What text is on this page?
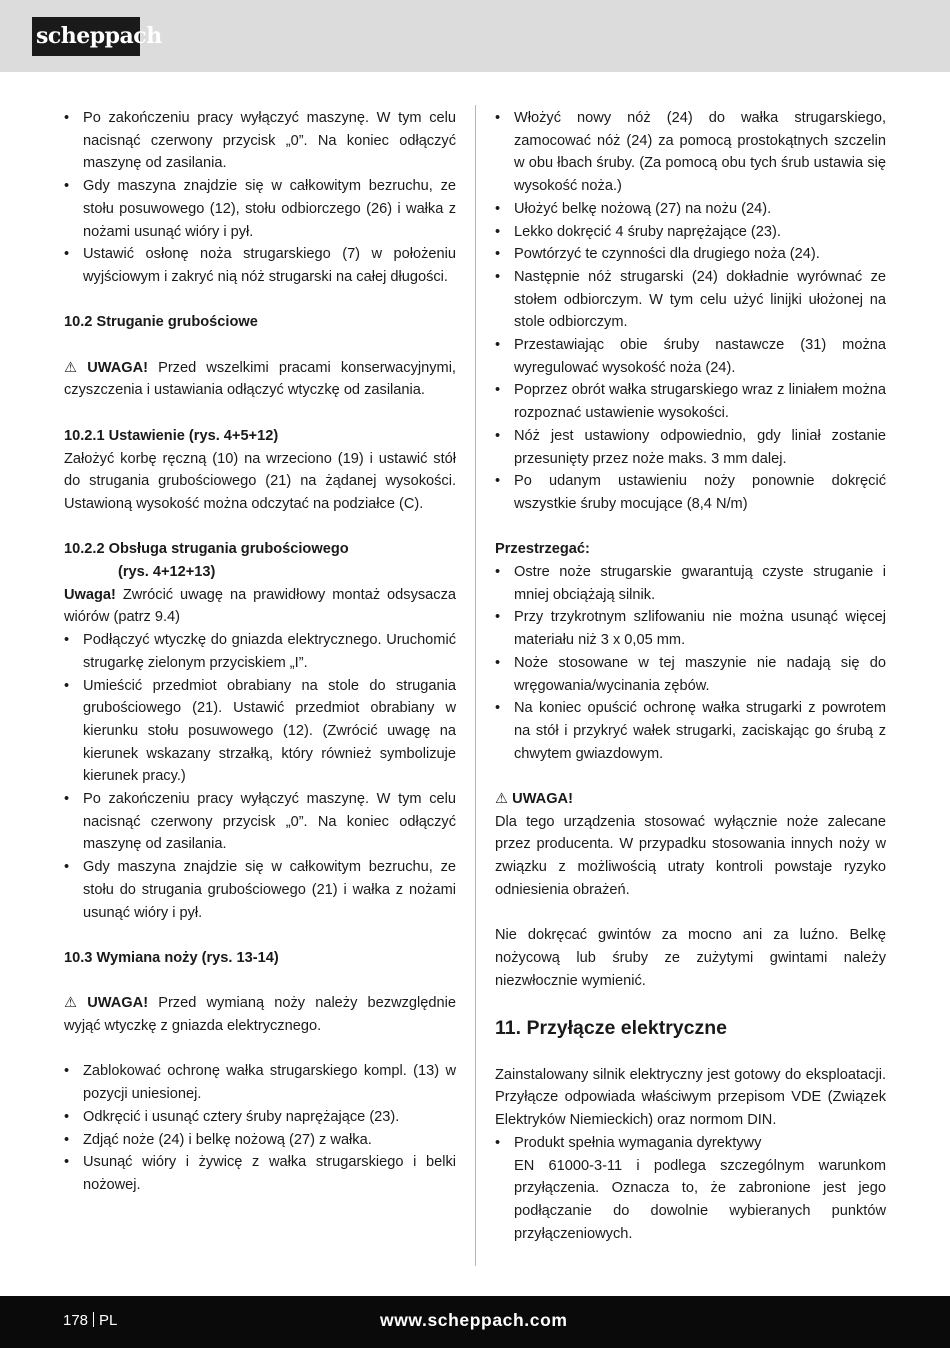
scheppach
• Po zakończeniu pracy wyłączyć maszynę. W tym celu nacisnąć czerwony przycisk „0”. Na koniec odłączyć maszynę od zasilania.
• Gdy maszyna znajdzie się w całkowitym bezruchu, ze stołu posuwowego (12), stołu odbiorczego (26) i wałka z nożami usunąć wióry i pył.
• Ustawić osłonę noża strugarskiego (7) w położeniu wyjściowym i zakryć nią nóż strugarski na całej długości.

10.2 Struganie grubościowe

⚠ UWAGA! Przed wszelkimi pracami konserwacyjnymi, czyszczenia i ustawiania odłączyć wtyczkę od zasilania.

10.2.1 Ustawienie (rys. 4+5+12)

Założyć korbę ręczną (10) na wrzeciono (19) i ustawić stół do strugania grubościowego (21) na żądanej wysokości. Ustawioną wysokość można odczytać na podziałce (C).

10.2.2 Obsługa strugania grubościowego

(rys. 4+12+13)

Uwaga! Zwrócić uwagę na prawidłowy montaż odsysacza wiórów (patrz 9.4)

• Podłączyć wtyczkę do gniazda elektrycznego. Uruchomić strugarkę zielonym przyciskiem „I”.
• Umieścić przedmiot obrabiany na stole do strugania grubościowego (21). Ustawić przedmiot obrabiany w kierunku stołu posuwowego (12). (Zwrócić uwagę na kierunek wskazany strzałką, który również symbolizuje kierunek pracy.)
• Po zakończeniu pracy wyłączyć maszynę. W tym celu nacisnąć czerwony przycisk „0”. Na koniec odłączyć maszynę od zasilania.
• Gdy maszyna znajdzie się w całkowitym bezruchu, ze stołu do strugania grubościowego (21) i wałka z nożami usunąć wióry i pył.

10.3 Wymiana noży (rys. 13-14)

⚠ UWAGA! Przed wymianą noży należy bezwzględnie wyjąć wtyczkę z gniazda elektrycznego.

• Zablokować ochronę wałka strugarskiego kompl. (13) w pozycji uniesionej.
• Odkręcić i usunąć cztery śruby naprężające (23).
• Zdjąć noże (24) i belkę nożową (27) z wałka.
• Usunąć wióry i żywicę z wałka strugarskiego i belki nożowej.
• Włożyć nowy nóż (24) do wałka strugarskiego, zamocować nóż (24) za pomocą prostokątnych szczelin w obu łbach śruby. (Za pomocą obu tych śrub ustawia się wysokość noża.)
• Ułożyć belkę nożową (27) na nożu (24).
• Lekko dokręcić 4 śruby naprężające (23).
• Powtórzyć te czynności dla drugiego noża (24).
• Następnie nóż strugarski (24) dokładnie wyrównać ze stołem odbiorczym. W tym celu użyć linijki ułożonej na stole odbiorczym.
• Przestawiając obie śruby nastawcze (31) można wyregulować wysokość noża (24).
• Poprzez obrót wałka strugarskiego wraz z liniałem można rozpoznać ustawienie wysokości.
• Nóż jest ustawiony odpowiednio, gdy liniał zostanie przesunięty przez noże maks. 3 mm dalej.
• Po udanym ustawieniu noży ponownie dokręcić wszystkie śruby mocujące (8,4 N/m)

Przestrzegać:

• Ostre noże strugarskie gwarantują czyste struganie i mniej obciążają silnik.
• Przy trzykrotnym szlifowaniu nie można usunąć więcej materiału niż 3 x 0,05 mm.
• Noże stosowane w tej maszynie nie nadają się do wręgowania/wycinania zębów.
• Na koniec opuścić ochronę wałka strugarki z powrotem na stół i przykryć wałek strugarki, zaciskając go śrubą z chwytem gwiazdowym.

⚠ UWAGA!

Dla tego urządzenia stosować wyłącznie noże zalecane przez producenta. W przypadku stosowania innych noży w związku z możliwością utraty kontroli powstaje ryzyko odniesienia obrażeń.

Nie dokręcać gwintów za mocno ani za luźno. Belkę nożycową lub śruby ze zużytymi gwintami należy niezwłocznie wymienić.

11. Przyłącze elektryczne

Zainstalowany silnik elektryczny jest gotowy do eksploatacji. Przyłącze odpowiada właściwym przepisom VDE (Związek Elektryków Niemieckich) oraz normom DIN.

• Produkt spełnia wymagania dyrektywy
EN 61000-3-11 i podlega szczególnym warunkom przyłączenia. Oznacza to, że zabronione jest jego podłączanie do dowolnie wybieranych punktów przyłączeniowych.
178 PL	www.scheppach.com
